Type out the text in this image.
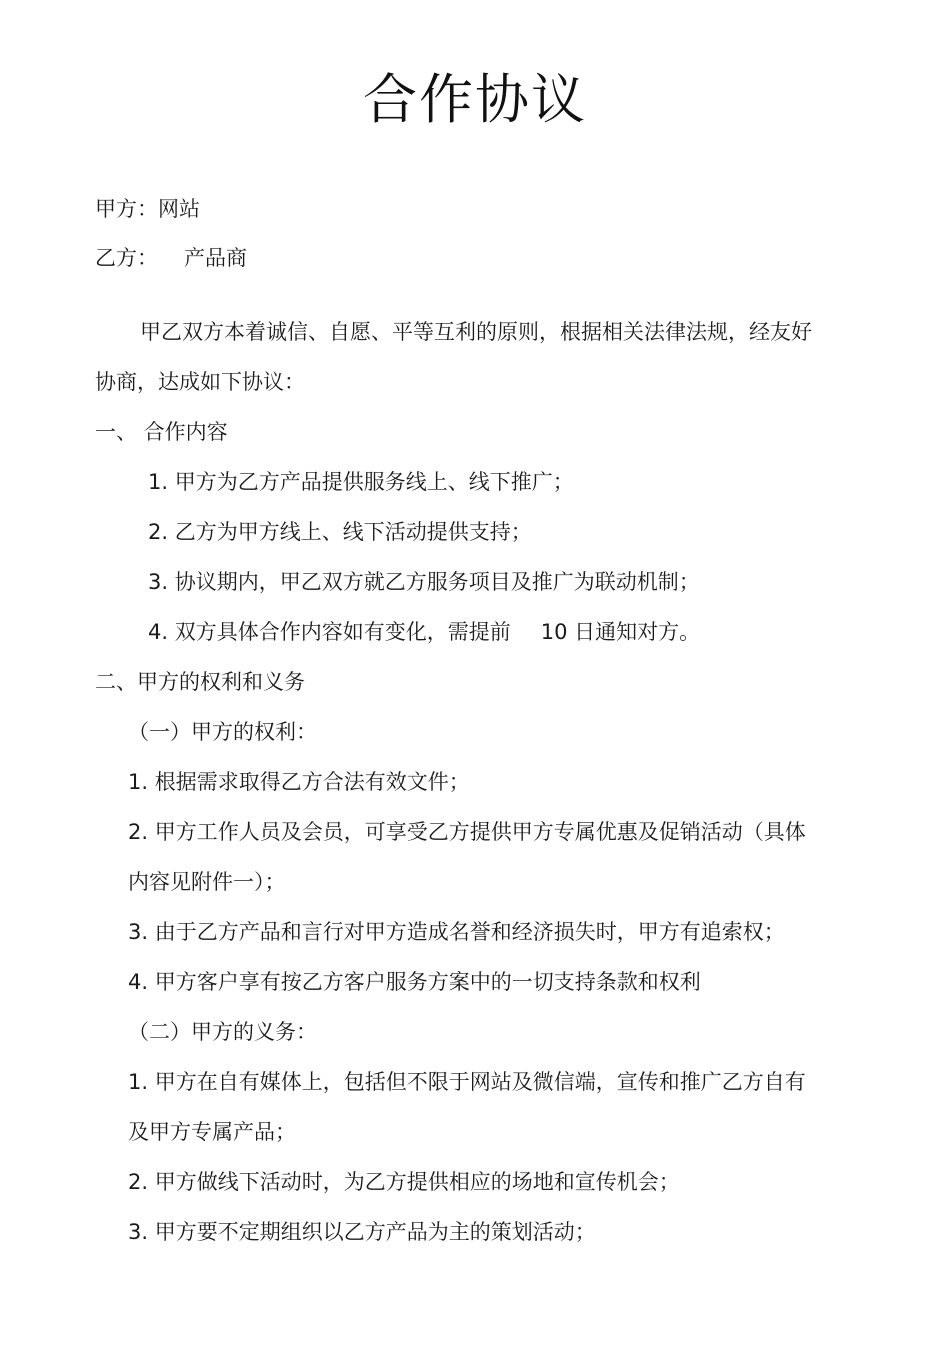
合作协议
甲方：网站
乙方： 产品商
甲乙双方本着诚信、自愿、平等互利的原则，根据相关法律法规，经友好
协商，达成如下协议：
一、 合作内容
1. 甲方为乙方产品提供服务线上、线下推广；
2. 乙方为甲方线上、线下活动提供支持；
3. 协议期内，甲乙双方就乙方服务项目及推广为联动机制；
4. 双方具体合作内容如有变化，需提前 10 日通知对方。
二、甲方的权利和义务
（一）甲方的权利：
1. 根据需求取得乙方合法有效文件；
2. 甲方工作人员及会员，可享受乙方提供甲方专属优惠及促销活动（具体
内容见附件一）；
3. 由于乙方产品和言行对甲方造成名誉和经济损失时，甲方有追索权；
4. 甲方客户享有按乙方客户服务方案中的一切支持条款和权利
（二）甲方的义务：
1. 甲方在自有媒体上，包括但不限于网站及微信端，宣传和推广乙方自有
及甲方专属产品；
2. 甲方做线下活动时，为乙方提供相应的场地和宣传机会；
3. 甲方要不定期组织以乙方产品为主的策划活动；
